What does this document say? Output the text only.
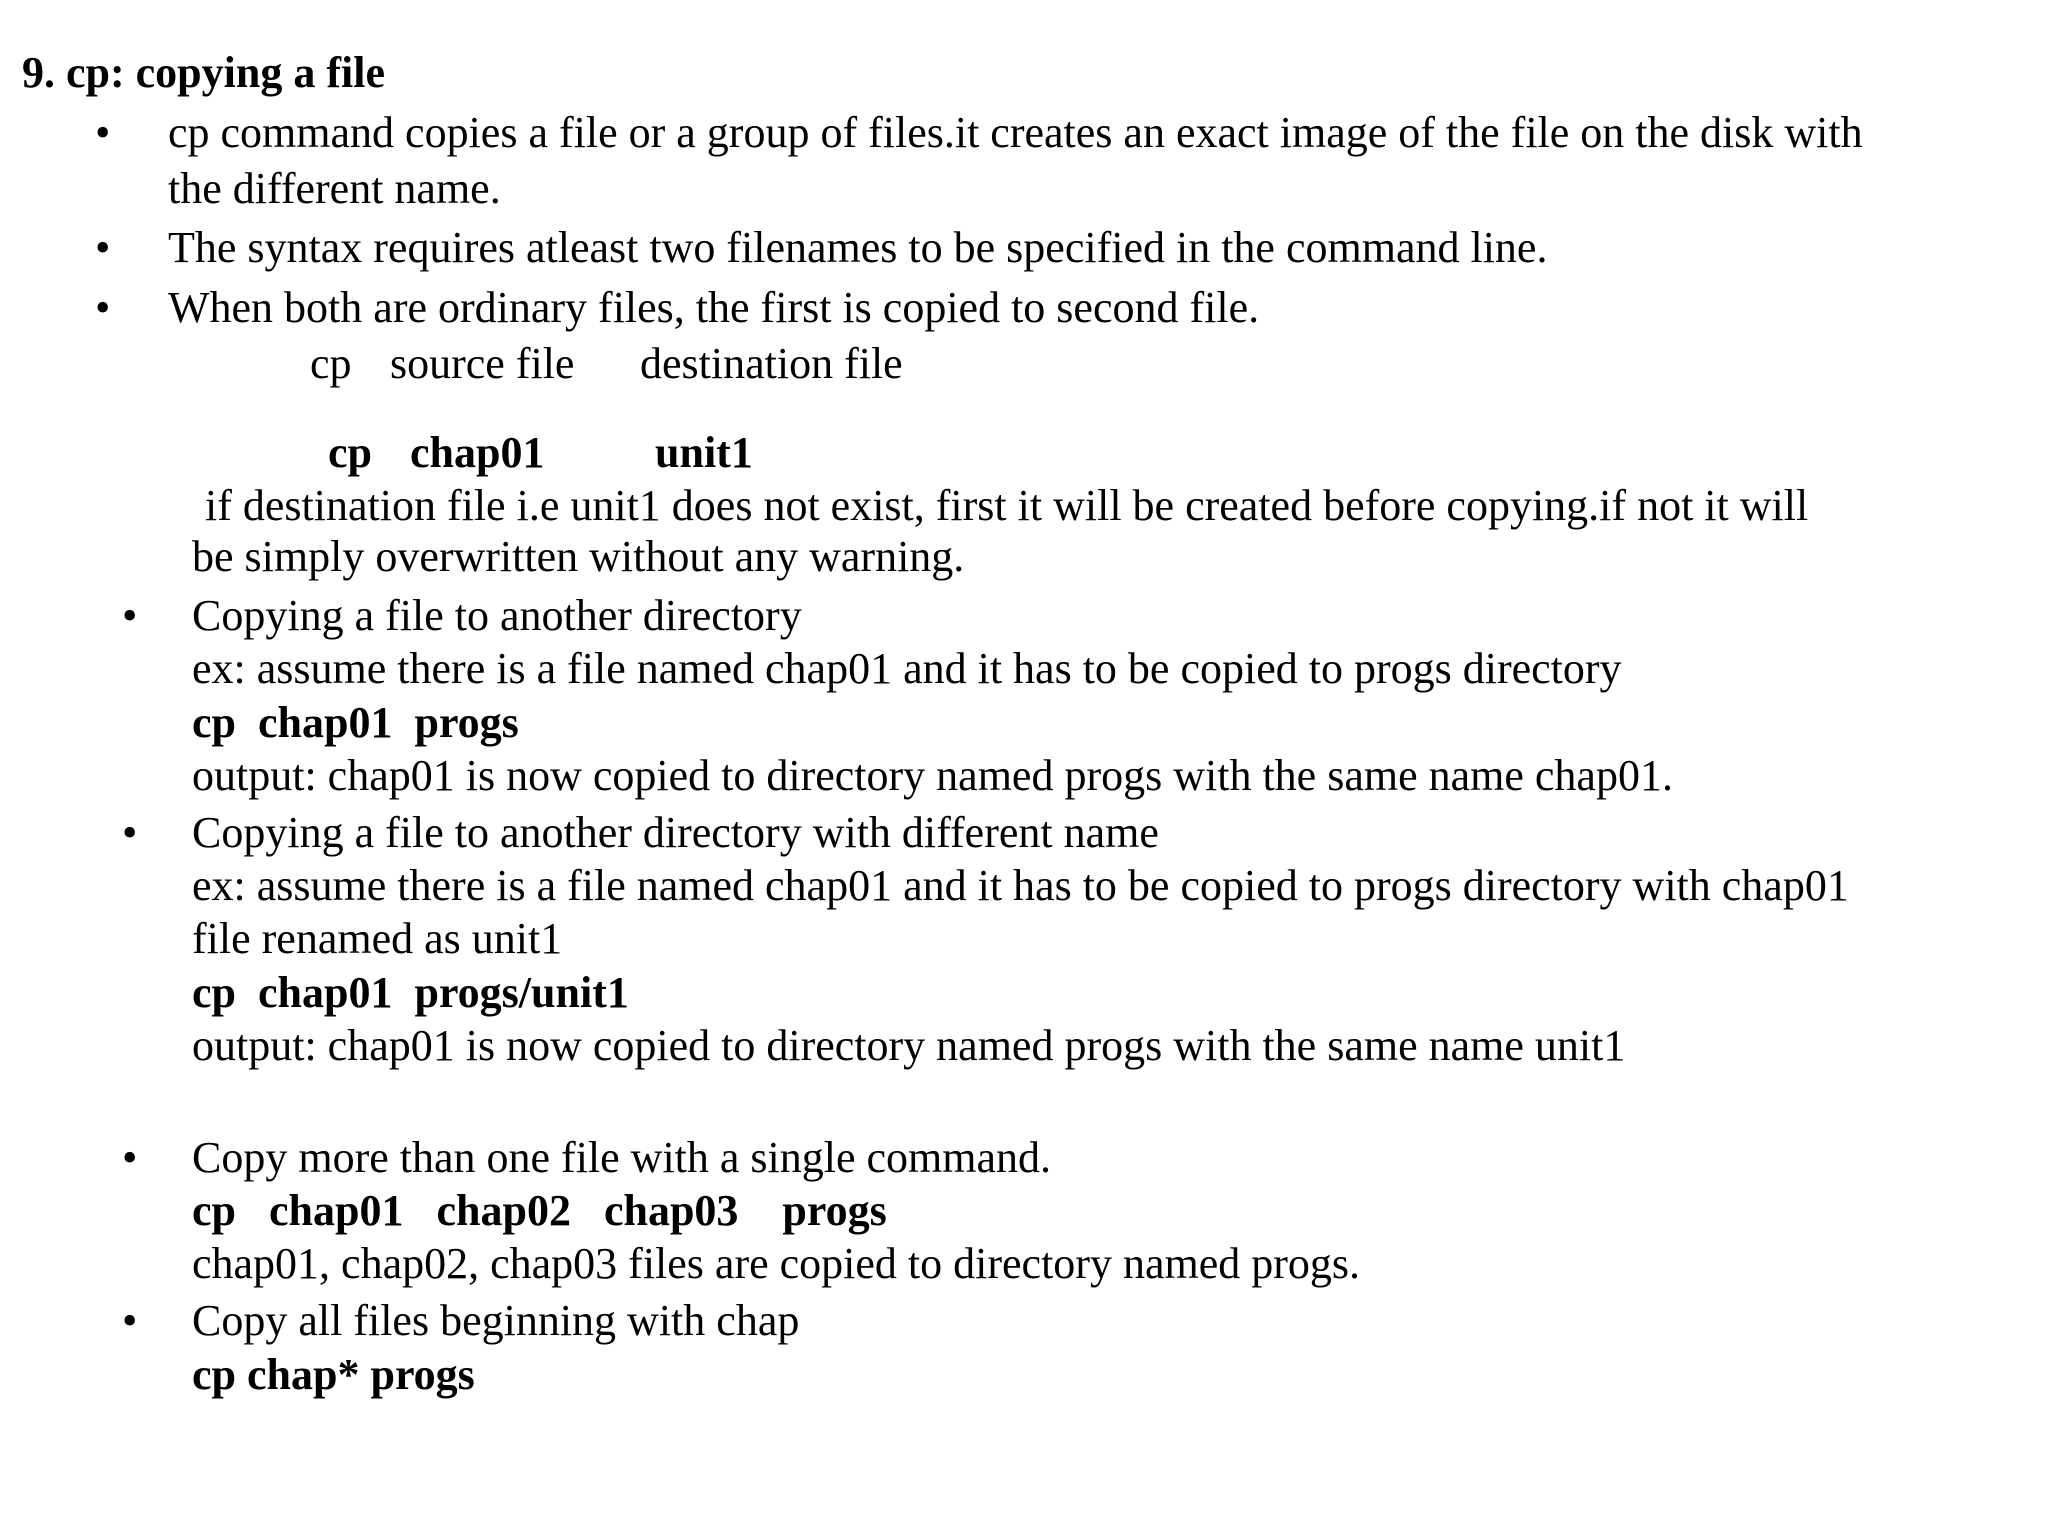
9. cp: copying a file
• cp command copies a file or a group of files.it creates an exact image of the file on the disk with
the different name.
• The syntax requires atleast two filenames to be specified in the command line.
• When both are ordinary files, the first is copied to second file.
cp source file destination file
cp chap01	unit1
if destination file i.e unit1 does not exist, first it will be created before copying.if not it will
be simply overwritten without any warning.
• Copying a file to another directory
ex: assume there is a file named chap01 and it has to be copied to progs directory
cp  chap01  progs
output: chap01 is now copied to directory named progs with the same name chap01.
• Copying a file to another directory with different name
ex: assume there is a file named chap01 and it has to be copied to progs directory with chap01
file renamed as unit1
cp  chap01  progs/unit1
output: chap01 is now copied to directory named progs with the same name unit1
• Copy more than one file with a single command.
cp   chap01   chap02   chap03    progs
chap01, chap02, chap03 files are copied to directory named progs.
• Copy all files beginning with chap
cp chap* progs
